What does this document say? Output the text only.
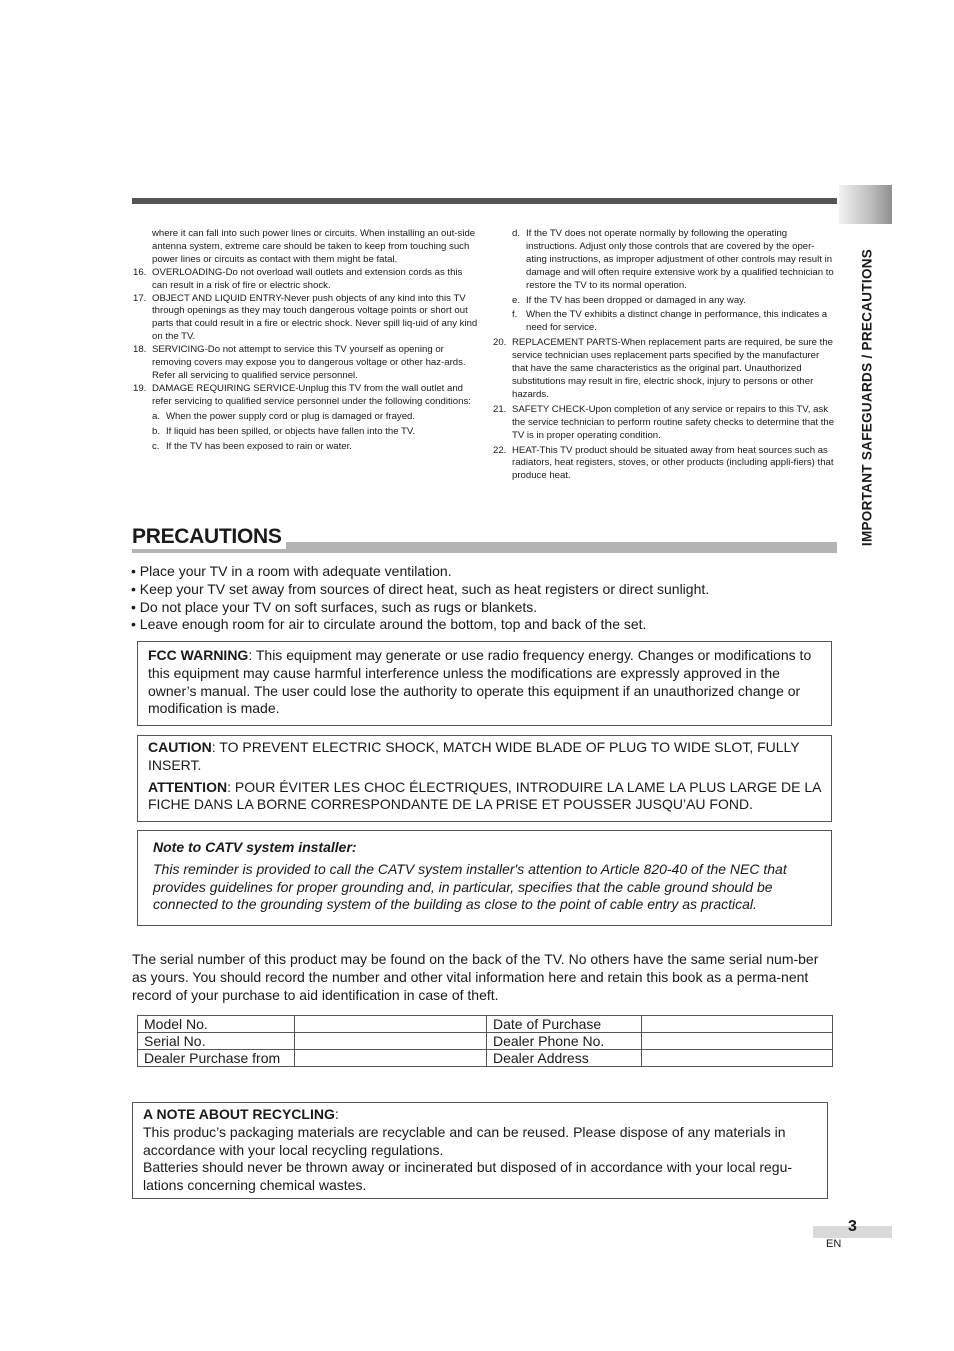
IMPORTANT SAFEGUARDS / PRECAUTIONS
where it can fall into such power lines or circuits. When installing an out-side antenna system, extreme care should be taken to keep from touching such power lines or circuits as contact with them might be fatal.
16. OVERLOADING-Do not overload wall outlets and extension cords as this can result in a risk of fire or electric shock.
17. OBJECT AND LIQUID ENTRY-Never push objects of any kind into this TV through openings as they may touch dangerous voltage points or short out parts that could result in a fire or electric shock. Never spill liq-uid of any kind on the TV.
18. SERVICING-Do not attempt to service this TV yourself as opening or removing covers may expose you to dangerous voltage or other haz-ards. Refer all servicing to qualified service personnel.
19. DAMAGE REQUIRING SERVICE-Unplug this TV from the wall outlet and refer servicing to qualified service personnel under the following conditions:
a. When the power supply cord or plug is damaged or frayed.
b. If liquid has been spilled, or objects have fallen into the TV.
c. If the TV has been exposed to rain or water.
d. If the TV does not operate normally by following the operating instructions. Adjust only those controls that are covered by the oper-ating instructions, as improper adjustment of other controls may result in damage and will often require extensive work by a qualified technician to restore the TV to its normal operation.
e. If the TV has been dropped or damaged in any way.
f. When the TV exhibits a distinct change in performance, this indicates a need for service.
20. REPLACEMENT PARTS-When replacement parts are required, be sure the service technician uses replacement parts specified by the manufacturer that have the same characteristics as the original part. Unauthorized substitutions may result in fire, electric shock, injury to persons or other hazards.
21. SAFETY CHECK-Upon completion of any service or repairs to this TV, ask the service technician to perform routine safety checks to determine that the TV is in proper operating condition.
22. HEAT-This TV product should be situated away from heat sources such as radiators, heat registers, stoves, or other products (including appli-fiers) that produce heat.
PRECAUTIONS
• Place your TV in a room with adequate ventilation.
• Keep your TV set away from sources of direct heat, such as heat registers or direct sunlight.
• Do not place your TV on soft surfaces, such as rugs or blankets.
• Leave enough room for air to circulate around the bottom, top and back of the set.
FCC WARNING: This equipment may generate or use radio frequency energy. Changes or modifications to this equipment may cause harmful interference unless the modifications are expressly approved in the owner’s manual. The user could lose the authority to operate this equipment if an unauthorized change or modification is made.
CAUTION: TO PREVENT ELECTRIC SHOCK, MATCH WIDE BLADE OF PLUG TO WIDE SLOT, FULLY INSERT.
ATTENTION: POUR ÉVITER LES CHOC ÉLECTRIQUES, INTRODUIRE LA LAME LA PLUS LARGE DE LA FICHE DANS LA BORNE CORRESPONDANTE DE LA PRISE ET POUSSER JUSQU’AU FOND.
Note to CATV system installer:
This reminder is provided to call the CATV system installer's attention to Article 820-40 of the NEC that provides guidelines for proper grounding and, in particular, specifies that the cable ground should be connected to the grounding system of the building as close to the point of cable entry as practical.
The serial number of this product may be found on the back of the TV. No others have the same serial num-ber as yours. You should record the number and other vital information here and retain this book as a perma-nent record of your purchase to aid identification in case of theft.
Model No.		Date of Purchase	
Serial No.		Dealer Phone No.	
Dealer Purchase from		Dealer Address	
A NOTE ABOUT RECYCLING:
This produc’s packaging materials are recyclable and can be reused. Please dispose of any materials in accordance with your local recycling regulations.
Batteries should never be thrown away or incinerated but disposed of in accordance with your local regu-lations concerning chemical wastes.
3
EN
